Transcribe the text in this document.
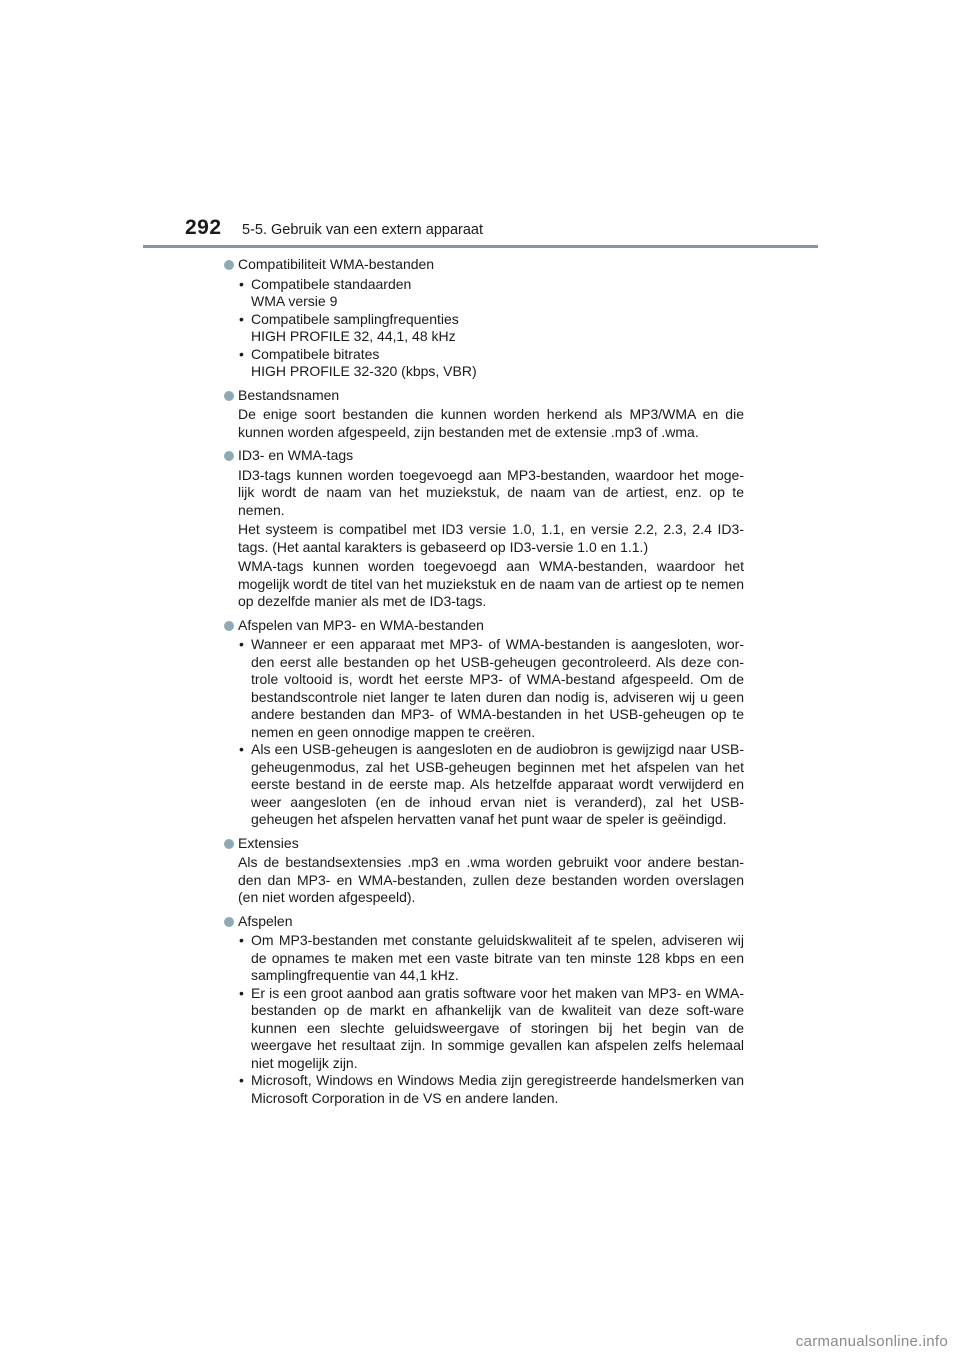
292 5-5. Gebruik van een extern apparaat

Compatibiliteit WMA-bestanden

• Compatibele standaarden
WMA versie 9
• Compatibele samplingfrequenties
HIGH PROFILE 32, 44,1, 48 kHz
• Compatibele bitrates
HIGH PROFILE 32-320 (kbps, VBR)

Bestandsnamen

De enige soort bestanden die kunnen worden herkend als MP3/WMA en die kunnen worden afgespeeld, zijn bestanden met de extensie .mp3 of .wma.

ID3- en WMA-tags

ID3-tags kunnen worden toegevoegd aan MP3-bestanden, waardoor het moge-lijk wordt de naam van het muziekstuk, de naam van de artiest, enz. op te nemen.

Het systeem is compatibel met ID3 versie 1.0, 1.1, en versie 2.2, 2.3, 2.4 ID3-tags. (Het aantal karakters is gebaseerd op ID3-versie 1.0 en 1.1.)

WMA-tags kunnen worden toegevoegd aan WMA-bestanden, waardoor het mogelijk wordt de titel van het muziekstuk en de naam van de artiest op te nemen op dezelfde manier als met de ID3-tags.

Afspelen van MP3- en WMA-bestanden

• Wanneer er een apparaat met MP3- of WMA-bestanden is aangesloten, wor-den eerst alle bestanden op het USB-geheugen gecontroleerd. Als deze con-trole voltooid is, wordt het eerste MP3- of WMA-bestand afgespeeld. Om de bestandscontrole niet langer te laten duren dan nodig is, adviseren wij u geen andere bestanden dan MP3- of WMA-bestanden in het USB-geheugen op te nemen en geen onnodige mappen te creëren.
• Als een USB-geheugen is aangesloten en de audiobron is gewijzigd naar USB-geheugenmodus, zal het USB-geheugen beginnen met het afspelen van het eerste bestand in de eerste map. Als hetzelfde apparaat wordt verwijderd en weer aangesloten (en de inhoud ervan niet is veranderd), zal het USB-geheugen het afspelen hervatten vanaf het punt waar de speler is geëindigd.

Extensies

Als de bestandsextensies .mp3 en .wma worden gebruikt voor andere bestan-den dan MP3- en WMA-bestanden, zullen deze bestanden worden overslagen (en niet worden afgespeeld).

Afspelen

• Om MP3-bestanden met constante geluidskwaliteit af te spelen, adviseren wij de opnames te maken met een vaste bitrate van ten minste 128 kbps en een samplingfrequentie van 44,1 kHz.
• Er is een groot aanbod aan gratis software voor het maken van MP3- en WMA-bestanden op de markt en afhankelijk van de kwaliteit van deze soft-ware kunnen een slechte geluidsweergave of storingen bij het begin van de weergave het resultaat zijn. In sommige gevallen kan afspelen zelfs helemaal niet mogelijk zijn.
• Microsoft, Windows en Windows Media zijn geregistreerde handelsmerken van Microsoft Corporation in de VS en andere landen.
carmanualsonline.info
